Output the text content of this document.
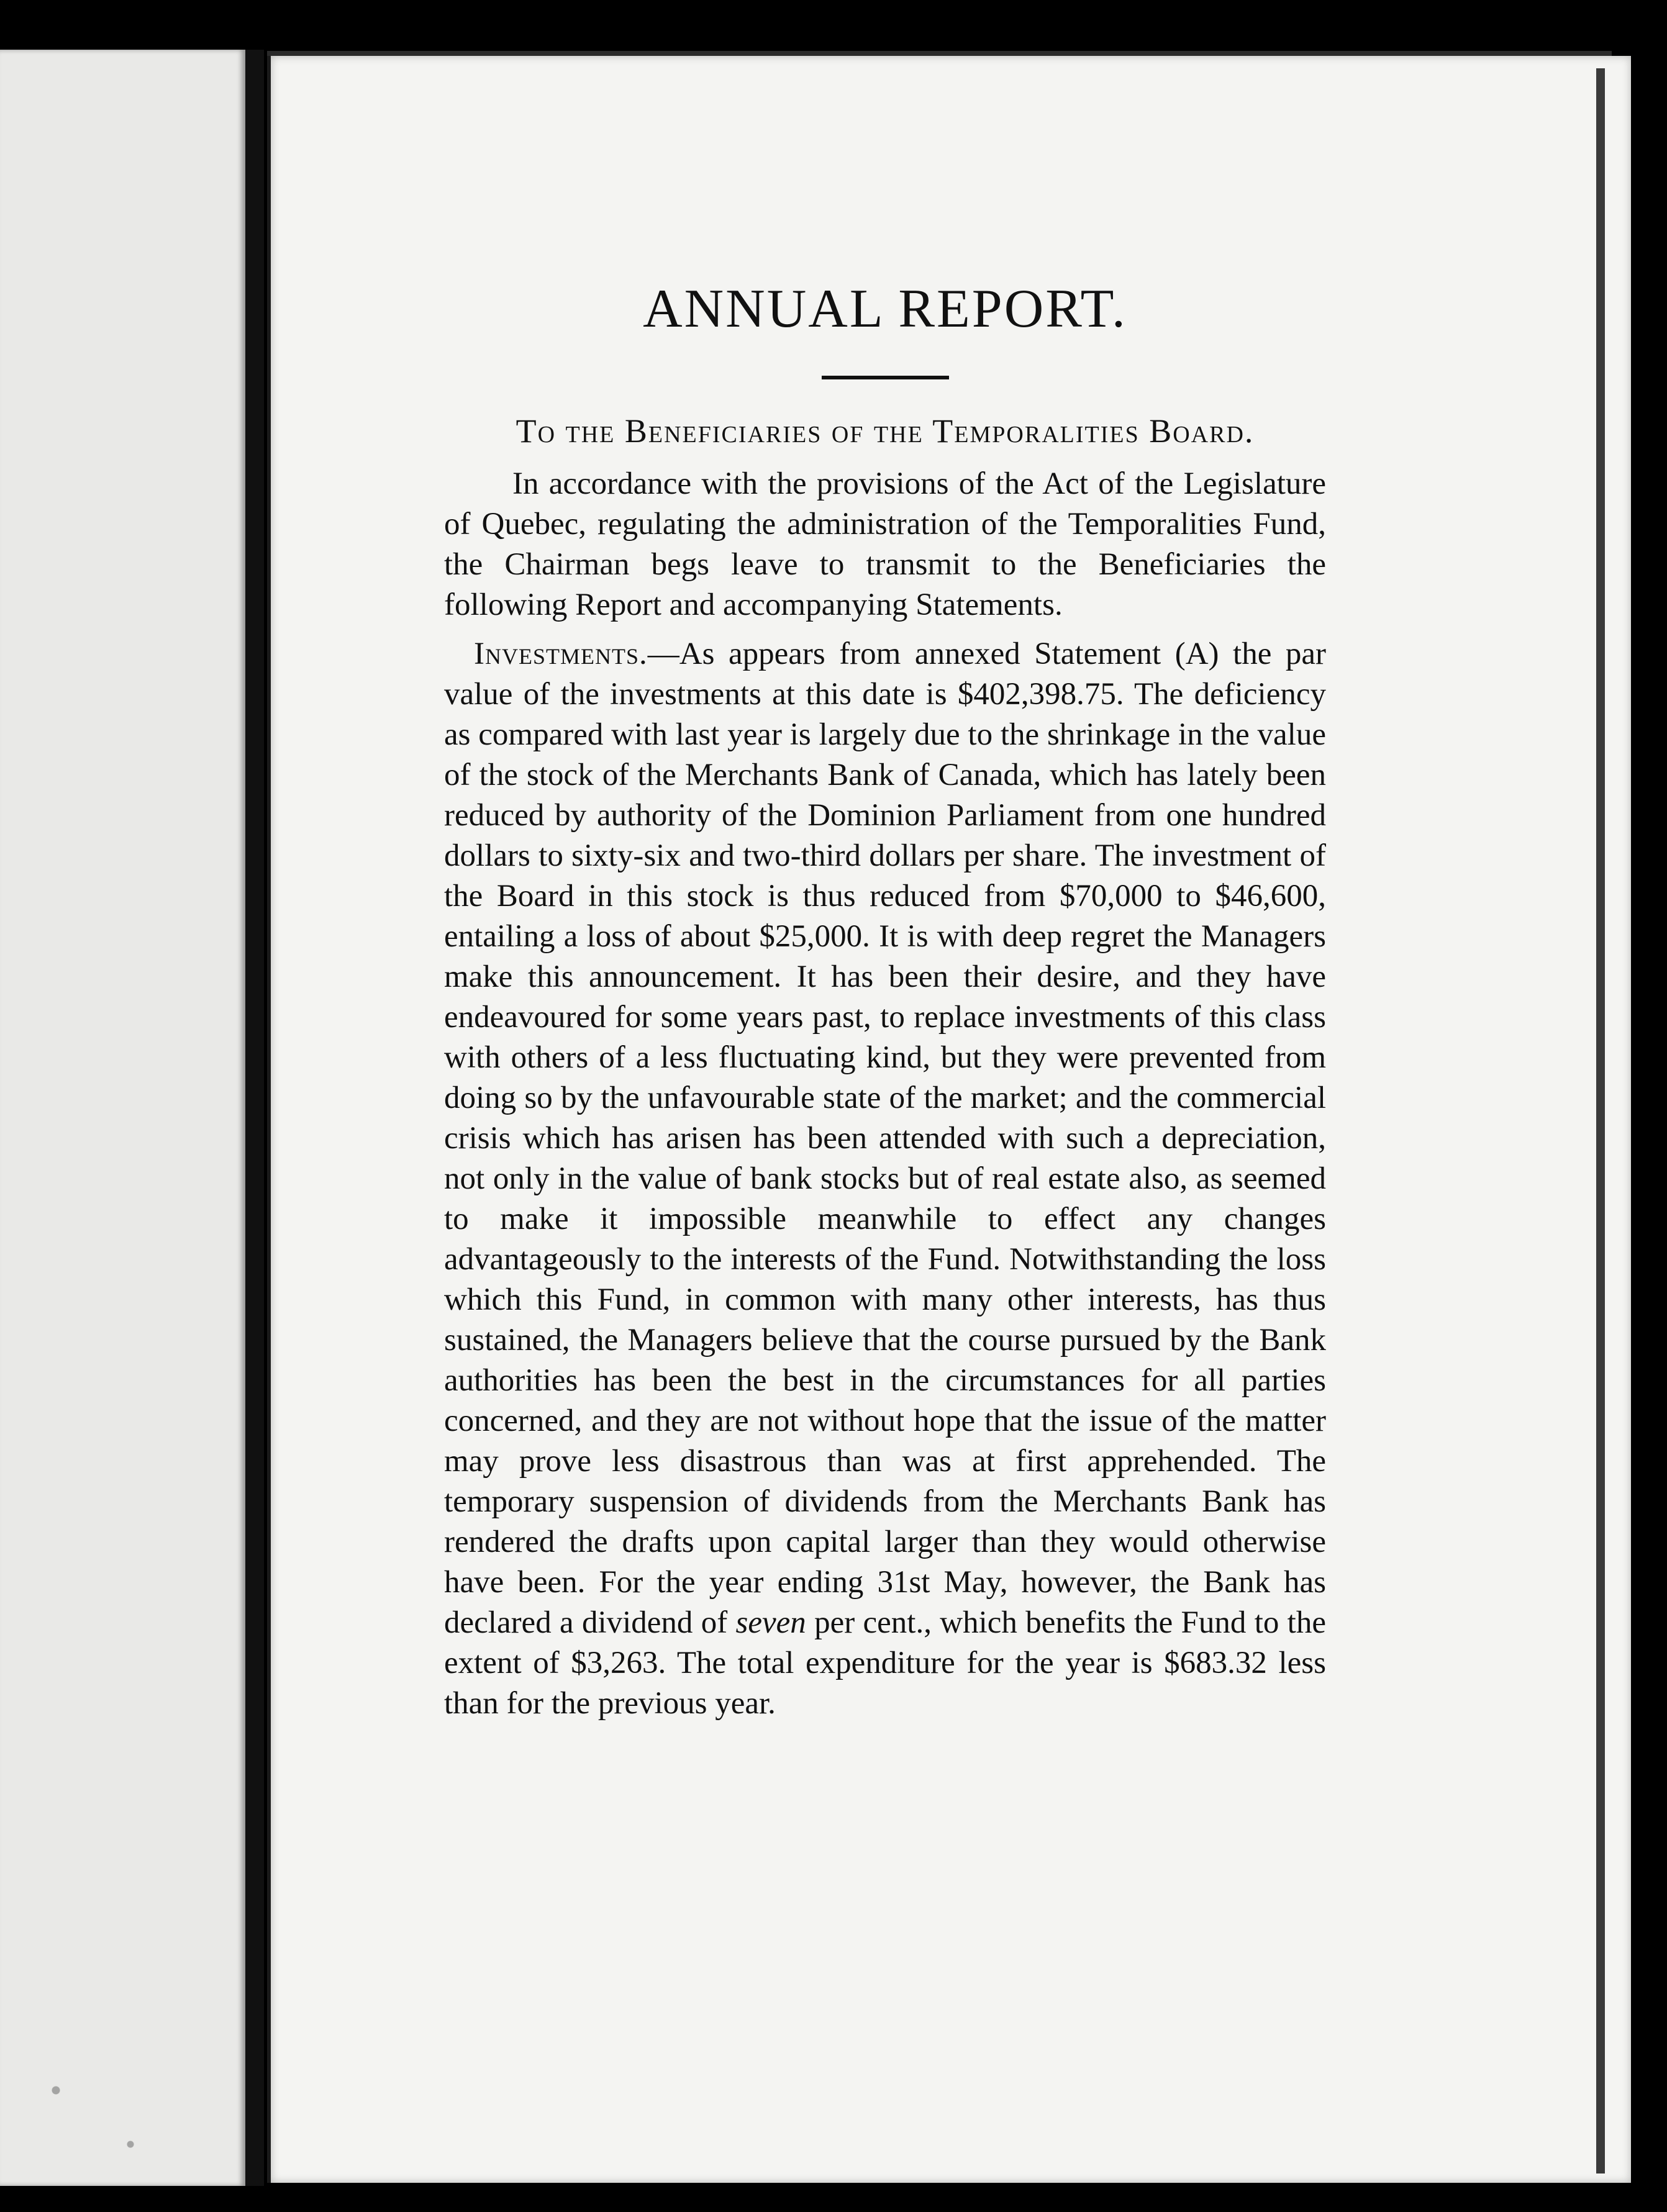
ANNUAL REPORT.
To the Beneficiaries of the Temporalities Board.

In accordance with the provisions of the Act of the Legislature of Quebec, regulating the administration of the Temporalities Fund, the Chairman begs leave to transmit to the Beneficiaries the following Report and accompanying Statements.

Investments.—As appears from annexed Statement (A) the par value of the investments at this date is $402,398.75. The deficiency as compared with last year is largely due to the shrinkage in the value of the stock of the Merchants Bank of Canada, which has lately been reduced by authority of the Dominion Parliament from one hundred dollars to sixty-six and two-third dollars per share. The investment of the Board in this stock is thus reduced from $70,000 to $46,600, entailing a loss of about $25,000. It is with deep regret the Managers make this announcement. It has been their desire, and they have endeavoured for some years past, to replace investments of this class with others of a less fluctuating kind, but they were prevented from doing so by the unfavourable state of the market; and the commercial crisis which has arisen has been attended with such a depreciation, not only in the value of bank stocks but of real estate also, as seemed to make it impossible meanwhile to effect any changes advantageously to the interests of the Fund. Notwithstanding the loss which this Fund, in common with many other interests, has thus sustained, the Managers believe that the course pursued by the Bank authorities has been the best in the circumstances for all parties concerned, and they are not without hope that the issue of the matter may prove less disastrous than was at first apprehended. The temporary suspension of dividends from the Merchants Bank has rendered the drafts upon capital larger than they would otherwise have been. For the year ending 31st May, however, the Bank has declared a dividend of seven per cent., which benefits the Fund to the extent of $3,263. The total expenditure for the year is $683.32 less than for the previous year.
